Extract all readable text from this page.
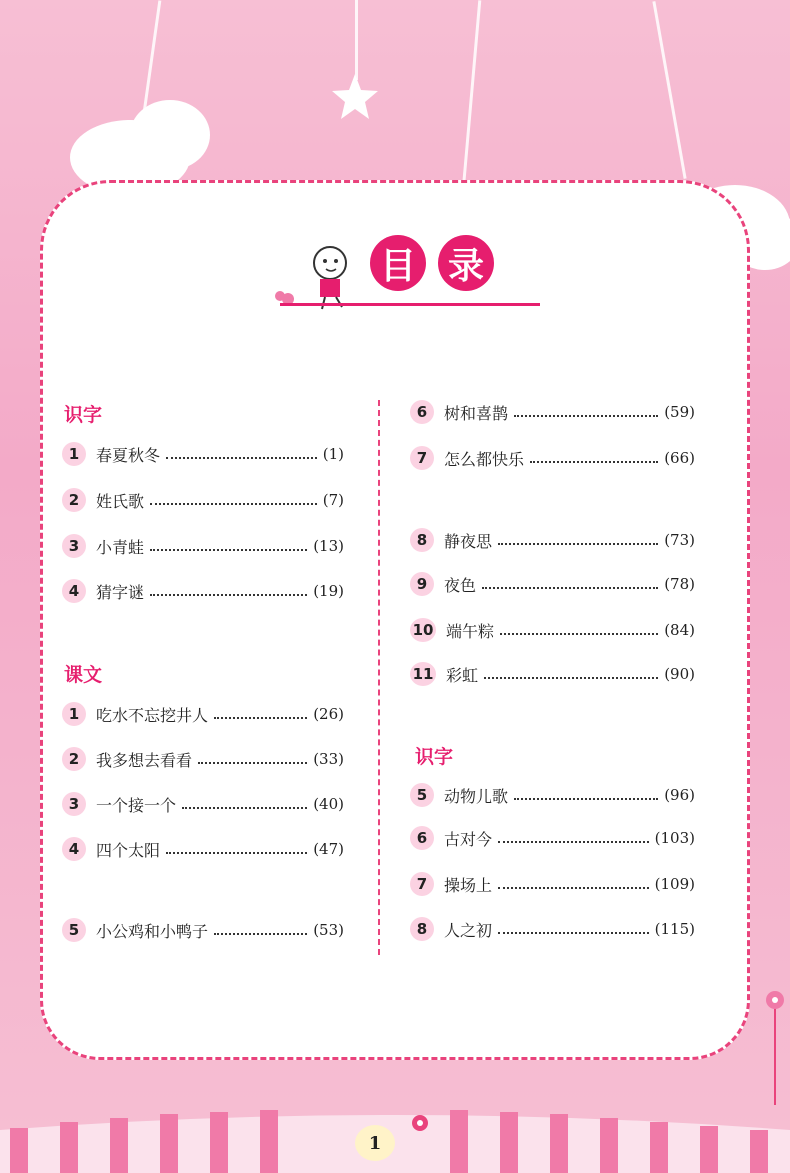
目 录
识字
1	春夏秋冬	(1)
2	姓氏歌	(7)
3	小青蛙	(13)
4	猜字谜	(19)
课文
1	吃水不忘挖井人	(26)
2	我多想去看看	(33)
3	一个接一个	(40)
4	四个太阳	(47)
5	小公鸡和小鸭子	(53)
6	树和喜鹊	(59)
7	怎么都快乐	(66)
8	静夜思	(73)
9	夜色	(78)
10 端午粽	(84)
11 彩虹	(90)
识字
5	动物儿歌	(96)
6	古对今	(103)
7	操场上	(109)
8	人之初	(115)
1
